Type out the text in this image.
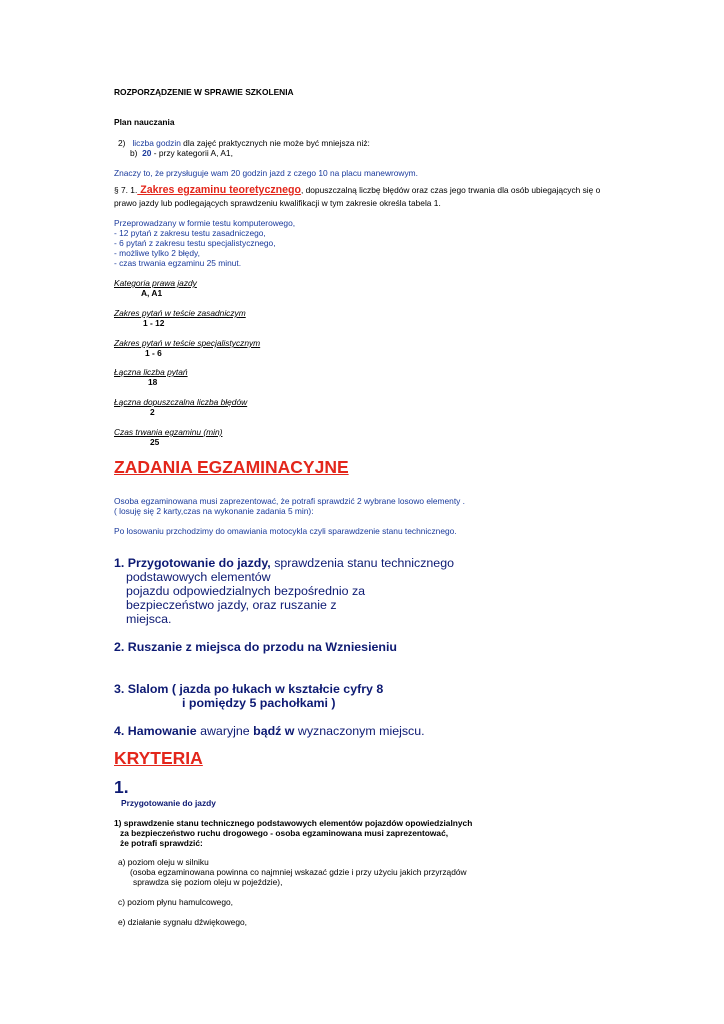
ROZPORZĄDZENIE W SPRAWIE SZKOLENIA
Plan nauczania
2) liczba godzin dla zajęć praktycznych nie może być mniejsza niż:
b) 20 - przy kategorii A, A1,
Znaczy to, że przysługuje wam 20 godzin jazd z czego 10 na placu manewrowym.
§ 7. 1. Zakres egzaminu teoretycznego, dopuszczalną liczbę błędów oraz czas jego trwania dla osób ubiegających się o
prawo jazdy lub podlegających sprawdzeniu kwalifikacji w tym zakresie określa tabela 1.
Przeprowadzany w formie testu komputerowego,
- 12 pytań z zakresu testu zasadniczego,
- 6 pytań z zakresu testu specjalistycznego,
- możliwe tylko 2 błędy,
- czas trwania egzaminu 25 minut.
Kategoria prawa jazdy
A, A1
Zakres pytań w teście zasadniczym
1 - 12
Zakres pytań w teście specjalistycznym
1 - 6
Łączna liczba pytań
18
Łączna dopuszczalna liczba błędów
2
Czas trwania egzaminu (min)
25
ZADANIA EGZAMINACYJNE
Osoba egzaminowana musi zaprezentować, że potrafi sprawdzić 2 wybrane losowo elementy .
( losuję się 2 karty,czas na wykonanie zadania 5 min):
Po losowaniu przchodzimy do omawiania motocykla czyli sparawdzenie stanu technicznego.
1. Przygotowanie do jazdy, sprawdzenia stanu technicznego
podstawowych elementów
pojazdu odpowiedzialnych bezpośrednio za
bezpieczeństwo jazdy, oraz ruszanie z
miejsca.
2. Ruszanie z miejsca do przodu na Wzniesieniu
3. Slalom ( jazda po łukach w kształcie cyfry 8
i pomiędzy 5 pachołkami )
4. Hamowanie awaryjne bądź w wyznaczonym miejscu.
KRYTERIA
1.
Przygotowanie do jazdy
1) sprawdzenie stanu technicznego podstawowych elementów pojazdów opowiedzialnych
za bezpieczeństwo ruchu drogowego - osoba egzaminowana musi zaprezentować,
że potrafi sprawdzić:
a) poziom oleju w silniku
(osoba egzaminowana powinna co najmniej wskazać gdzie i przy użyciu jakich przyrządów
sprawdza się poziom oleju w pojeździe),
c) poziom płynu hamulcowego,
e) działanie sygnału dźwiękowego,
